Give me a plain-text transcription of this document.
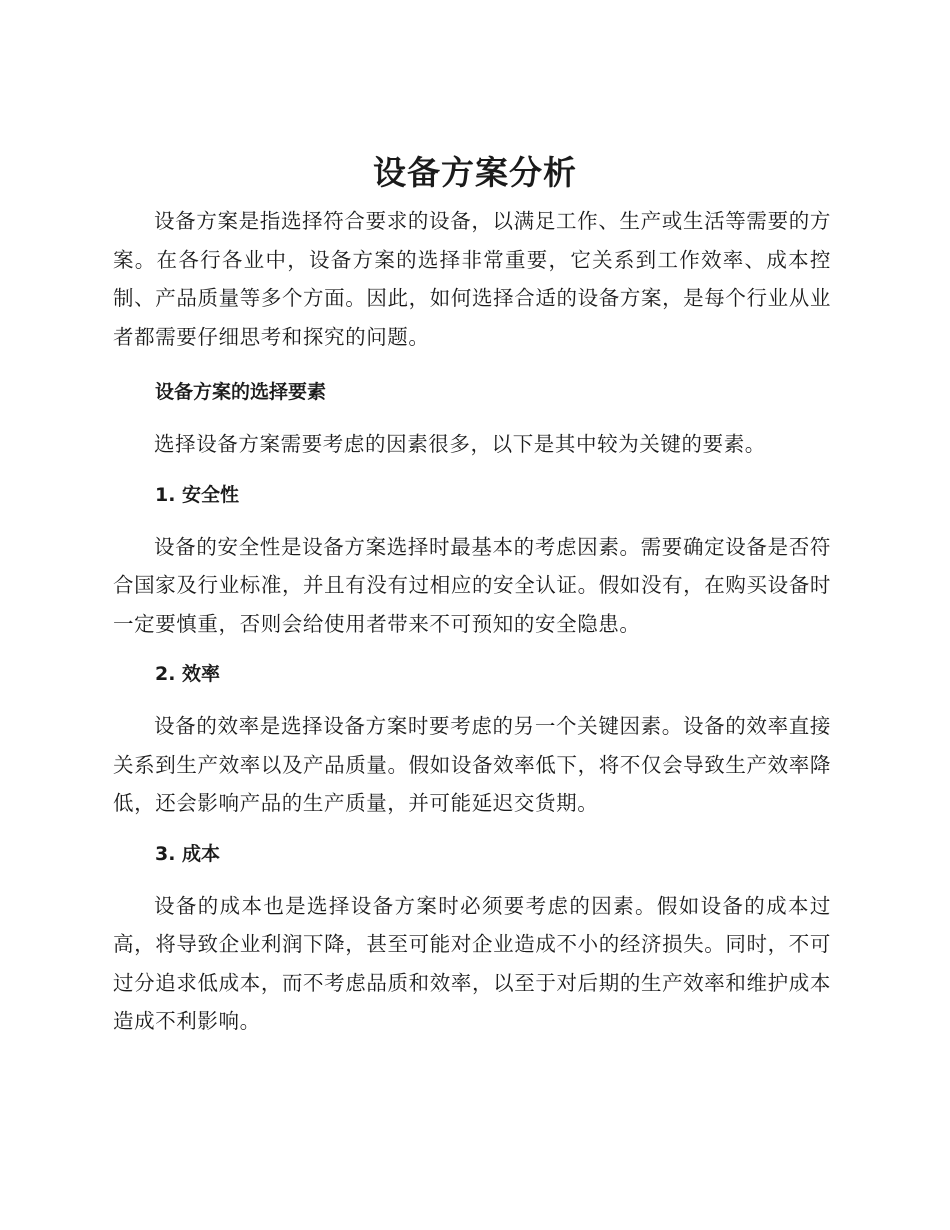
设备方案分析

设备方案是指选择符合要求的设备，以满足工作、生产或生活等需要的方案。在各行各业中，设备方案的选择非常重要，它关系到工作效率、成本控制、产品质量等多个方面。因此，如何选择合适的设备方案，是每个行业从业者都需要仔细思考和探究的问题。

设备方案的选择要素

选择设备方案需要考虑的因素很多，以下是其中较为关键的要素。

1. 安全性

设备的安全性是设备方案选择时最基本的考虑因素。需要确定设备是否符合国家及行业标准，并且有没有过相应的安全认证。假如没有，在购买设备时一定要慎重，否则会给使用者带来不可预知的安全隐患。

2. 效率

设备的效率是选择设备方案时要考虑的另一个关键因素。设备的效率直接关系到生产效率以及产品质量。假如设备效率低下，将不仅会导致生产效率降低，还会影响产品的生产质量，并可能延迟交货期。

3. 成本

设备的成本也是选择设备方案时必须要考虑的因素。假如设备的成本过高，将导致企业利润下降，甚至可能对企业造成不小的经济损失。同时，不可过分追求低成本，而不考虑品质和效率，以至于对后期的生产效率和维护成本造成不利影响。
